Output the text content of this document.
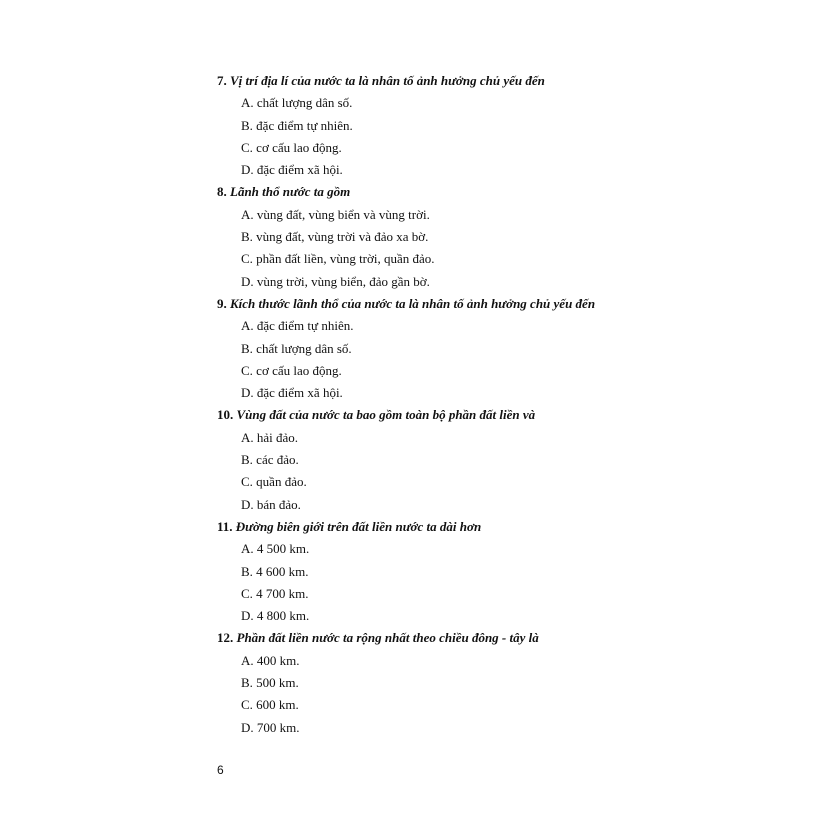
7. Vị trí địa lí của nước ta là nhân tố ảnh hưởng chủ yếu đến
A. chất lượng dân số.
B. đặc điểm tự nhiên.
C. cơ cấu lao động.
D. đặc điểm xã hội.
8. Lãnh thổ nước ta gồm
A. vùng đất, vùng biển và vùng trời.
B. vùng đất, vùng trời và đảo xa bờ.
C. phần đất liền, vùng trời, quần đảo.
D. vùng trời, vùng biển, đảo gần bờ.
9. Kích thước lãnh thổ của nước ta là nhân tố ảnh hưởng chủ yếu đến
A. đặc điểm tự nhiên.
B. chất lượng dân số.
C. cơ cấu lao động.
D. đặc điểm xã hội.
10. Vùng đất của nước ta bao gồm toàn bộ phần đất liền và
A. hải đảo.
B. các đảo.
C. quần đảo.
D. bán đảo.
11. Đường biên giới trên đất liền nước ta dài hơn
A. 4 500 km.
B. 4 600 km.
C. 4 700 km.
D. 4 800 km.
12. Phần đất liền nước ta rộng nhất theo chiều đông - tây là
A. 400 km.
B. 500 km.
C. 600 km.
D. 700 km.
6
